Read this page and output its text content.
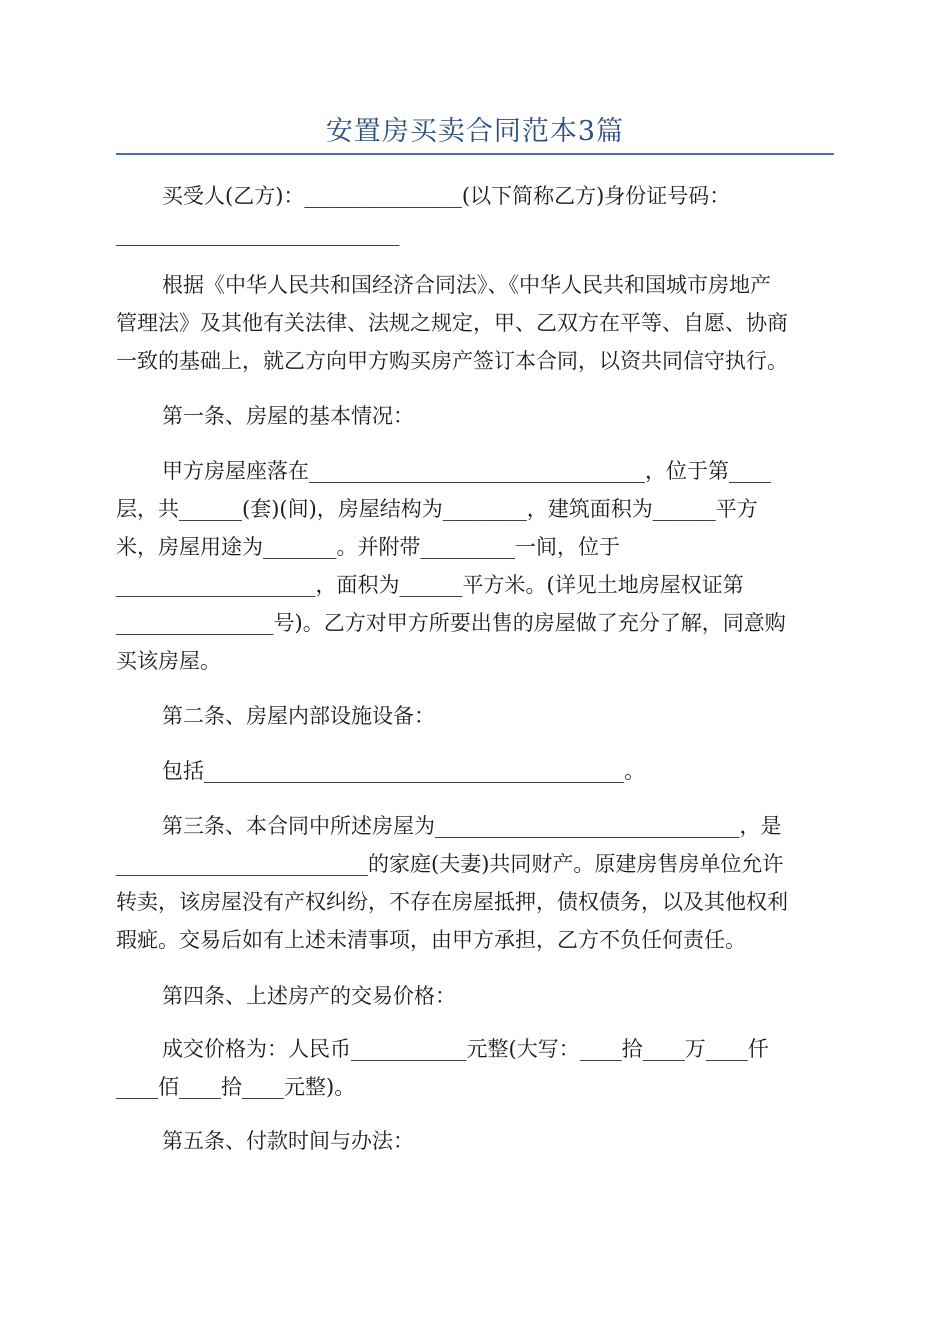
安置房买卖合同范本3篇
买受人(乙方)：_______________(以下简称乙方)身份证号码：
___________________________
根据《中华人民共和国经济合同法》、《中华人民共和国城市房地产
管理法》及其他有关法律、法规之规定，甲、乙双方在平等、自愿、协商
一致的基础上，就乙方向甲方购买房产签订本合同，以资共同信守执行。
第一条、房屋的基本情况：
甲方房屋座落在________________________________，位于第____
层，共______(套)(间)，房屋结构为________，建筑面积为______平方
米，房屋用途为_______。并附带_________一间，位于
___________________，面积为______平方米。(详见土地房屋权证第
_______________号)。乙方对甲方所要出售的房屋做了充分了解，同意购
买该房屋。
第二条、房屋内部设施设备：
包括________________________________________。
第三条、本合同中所述房屋为_____________________________，是
________________________的家庭(夫妻)共同财产。原建房售房单位允许
转卖，该房屋没有产权纠纷，不存在房屋抵押，债权债务，以及其他权利
瑕疵。交易后如有上述未清事项，由甲方承担，乙方不负任何责任。
第四条、上述房产的交易价格：
成交价格为：人民币___________元整(大写：____拾____万____仟
____佰____拾____元整)。
第五条、付款时间与办法：
